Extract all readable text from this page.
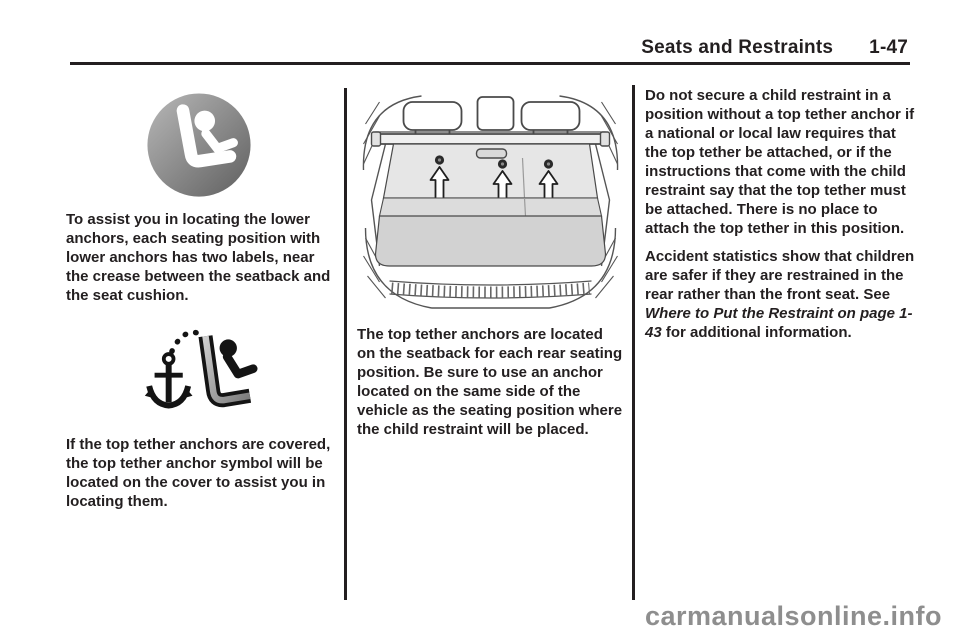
Seats and Restraints 1-47

To assist you in locating the lower anchors, each seating position with lower anchors has two labels, near the crease between the seatback and the seat cushion.

If the top tether anchors are covered, the top tether anchor symbol will be located on the cover to assist you in locating them.

The top tether anchors are located on the seatback for each rear seating position. Be sure to use an anchor located on the same side of the vehicle as the seating position where the child restraint will be placed.

Do not secure a child restraint in a position without a top tether anchor if a national or local law requires that the top tether be attached, or if the instructions that come with the child restraint say that the top tether must be attached. There is no place to attach the top tether in this position.

Accident statistics show that children are safer if they are restrained in the rear rather than the front seat. See Where to Put the Restraint on page 1-43 for additional information.

carmanualsonline.info
